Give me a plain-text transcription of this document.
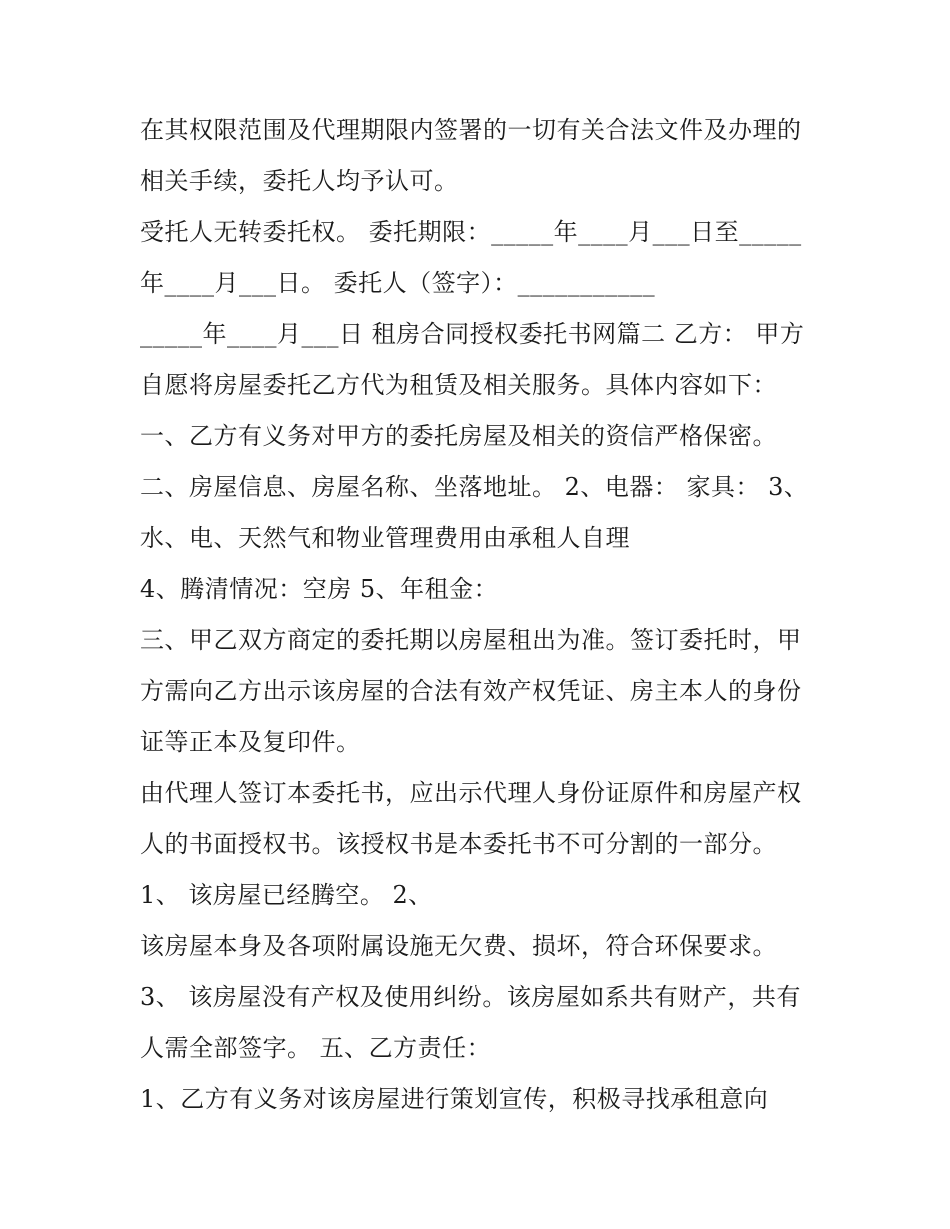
在其权限范围及代理期限内签署的一切有关合法文件及办理的
相关手续，委托人均予认可。
受托人无转委托权。 委托期限：_____年____月___日至_____
年____月___日。 委托人（签字）：___________
_____年____月___日 租房合同授权委托书网篇二 乙方： 甲方
自愿将房屋委托乙方代为租赁及相关服务。具体内容如下：
一、乙方有义务对甲方的委托房屋及相关的资信严格保密。
二、房屋信息、房屋名称、坐落地址。 2、电器： 家具： 3、
水、电、天然气和物业管理费用由承租人自理
4、腾清情况：空房 5、年租金：
三、甲乙双方商定的委托期以房屋租出为准。签订委托时，甲
方需向乙方出示该房屋的合法有效产权凭证、房主本人的身份
证等正本及复印件。
由代理人签订本委托书，应出示代理人身份证原件和房屋产权
人的书面授权书。该授权书是本委托书不可分割的一部分。
1、 该房屋已经腾空。 2、
该房屋本身及各项附属设施无欠费、损坏，符合环保要求。
3、 该房屋没有产权及使用纠纷。该房屋如系共有财产，共有
人需全部签字。 五、乙方责任：
1、乙方有义务对该房屋进行策划宣传，积极寻找承租意向
